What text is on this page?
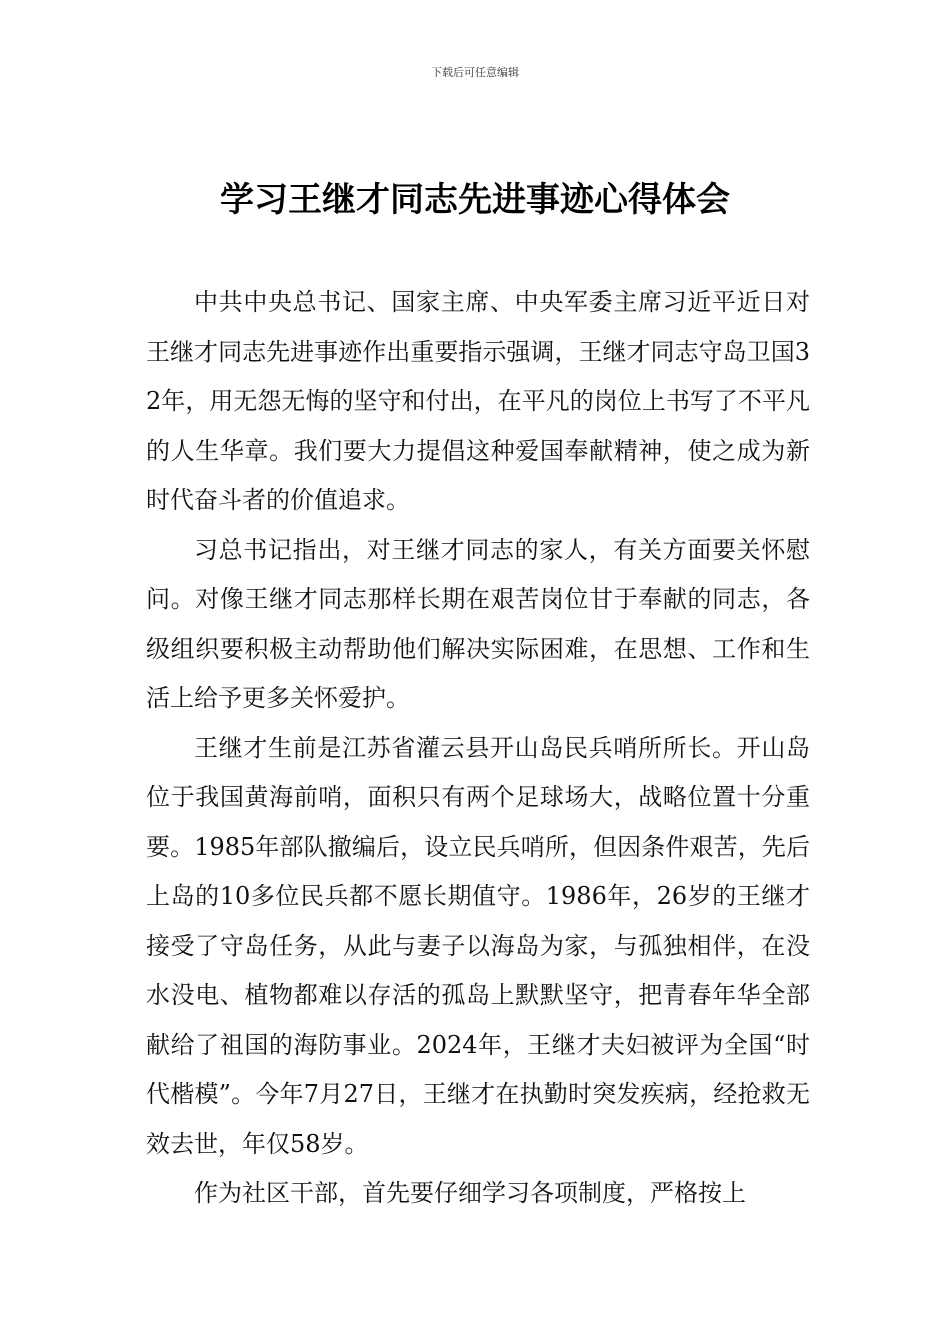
下载后可任意编辑
学习王继才同志先进事迹心得体会

中共中央总书记、国家主席、中央军委主席习近平近日对王继才同志先进事迹作出重要指示强调，王继才同志守岛卫国32年，用无怨无悔的坚守和付出，在平凡的岗位上书写了不平凡的人生华章。我们要大力提倡这种爱国奉献精神，使之成为新时代奋斗者的价值追求。

习总书记指出，对王继才同志的家人，有关方面要关怀慰问。对像王继才同志那样长期在艰苦岗位甘于奉献的同志，各级组织要积极主动帮助他们解决实际困难，在思想、工作和生活上给予更多关怀爱护。

王继才生前是江苏省灌云县开山岛民兵哨所所长。开山岛位于我国黄海前哨，面积只有两个足球场大，战略位置十分重要。1985年部队撤编后，设立民兵哨所，但因条件艰苦，先后上岛的10多位民兵都不愿长期值守。1986年，26岁的王继才接受了守岛任务，从此与妻子以海岛为家，与孤独相伴，在没水没电、植物都难以存活的孤岛上默默坚守，把青春年华全部献给了祖国的海防事业。2024年，王继才夫妇被评为全国“时代楷模”。今年7月27日，王继才在执勤时突发疾病，经抢救无效去世，年仅58岁。

作为社区干部，首先要仔细学习各项制度，严格按上
